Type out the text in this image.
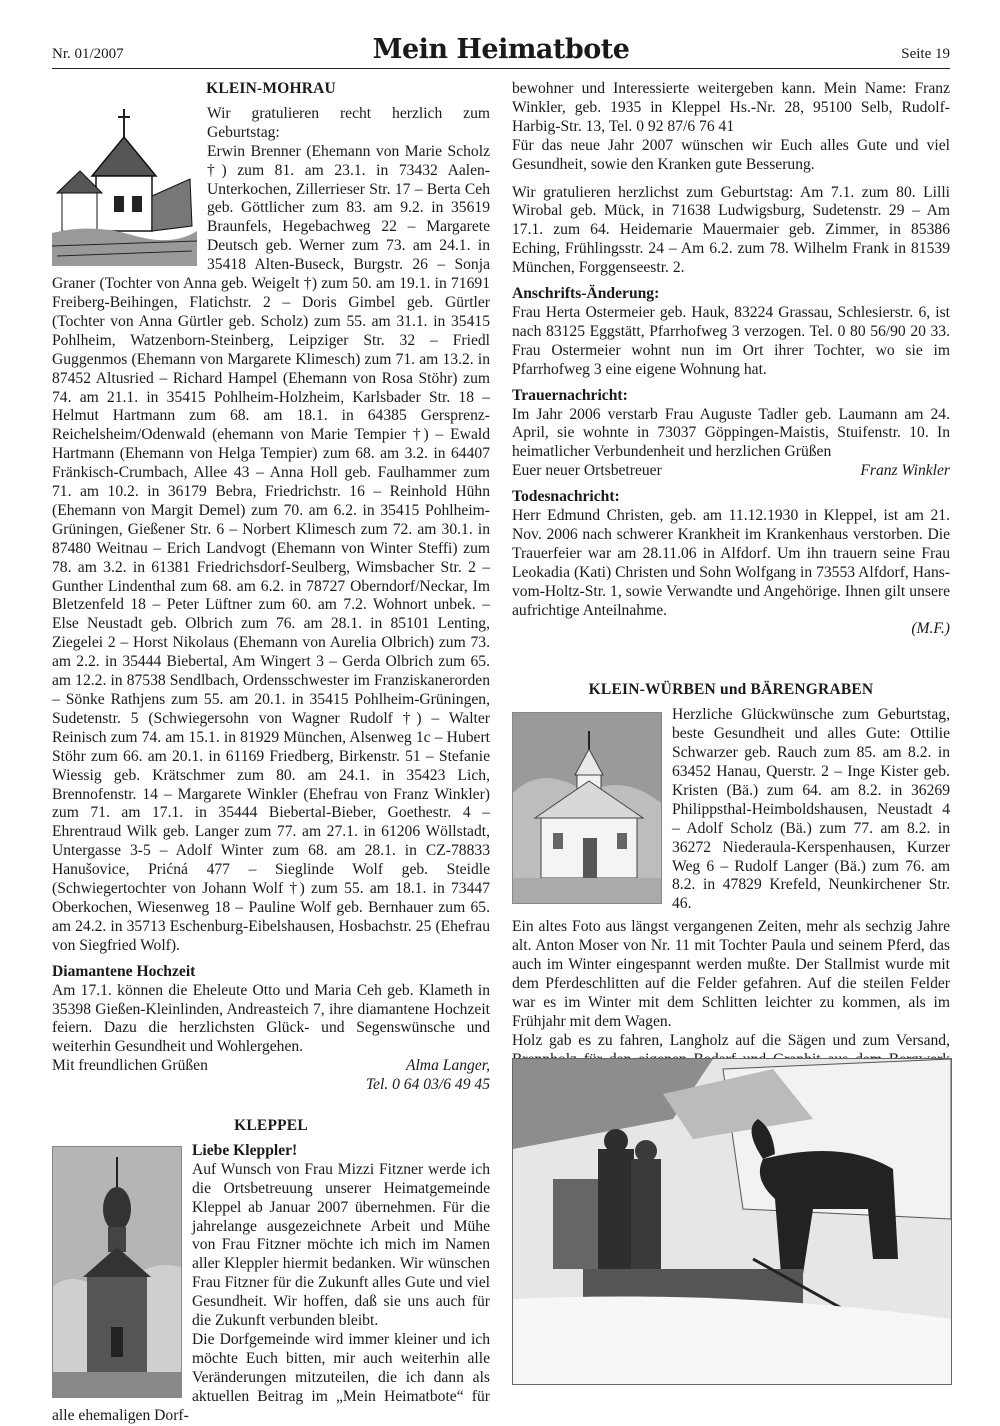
Nr. 01/2007	Mein Heimatbote	Seite 19
KLEIN-MOHRAU

Wir gratulieren recht herzlich zum Geburtstag:

Erwin Brenner (Ehemann von Marie Scholz †) zum 81. am 23.1. in 73432 Aalen-Unterkochen, Zillerrieser Str. 17 – Berta Ceh geb. Göttlicher zum 83. am 9.2. in 35619 Braunfels, Hegebachweg 22 – Margarete Deutsch geb. Werner zum 73. am 24.1. in 35418 Alten-Buseck, Burgstr. 26 – Sonja Graner (Tochter von Anna geb. Weigelt †) zum 50. am 19.1. in 71691 Freiberg-Beihingen, Flatichstr. 2 – Doris Gimbel geb. Gürtler (Tochter von Anna Gürtler geb. Scholz) zum 55. am 31.1. in 35415 Pohlheim, Watzenborn-Steinberg, Leipziger Str. 32 – Friedl Guggenmos (Ehemann von Margarete Klimesch) zum 71. am 13.2. in 87452 Altusried – Richard Hampel (Ehemann von Rosa Stöhr) zum 74. am 21.1. in 35415 Pohlheim-Holzheim, Karlsbader Str. 18 – Helmut Hartmann zum 68. am 18.1. in 64385 Gersprenz-Reichelsheim/Odenwald (ehemann von Marie Tempier †) – Ewald Hartmann (Ehemann von Helga Tempier) zum 68. am 3.2. in 64407 Fränkisch-Crumbach, Allee 43 – Anna Holl geb. Faulhammer zum 71. am 10.2. in 36179 Bebra, Friedrichstr. 16 – Reinhold Hühn (Ehemann von Margit Demel) zum 70. am 6.2. in 35415 Pohlheim-Grüningen, Gießener Str. 6 – Norbert Klimesch zum 72. am 30.1. in 87480 Weitnau – Erich Landvogt (Ehemann von Winter Steffi) zum 78. am 3.2. in 61381 Friedrichsdorf-Seulberg, Wimsbacher Str. 2 – Gunther Lindenthal zum 68. am 6.2. in 78727 Oberndorf/Neckar, Im Bletzenfeld 18 – Peter Lüftner zum 60. am 7.2. Wohnort unbek. – Else Neustadt geb. Olbrich zum 76. am 28.1. in 85101 Lenting, Ziegelei 2 – Horst Nikolaus (Ehemann von Aurelia Olbrich) zum 73. am 2.2. in 35444 Biebertal, Am Wingert 3 – Gerda Olbrich zum 65. am 12.2. in 87538 Sendlbach, Ordensschwester im Franziskanerorden – Sönke Rathjens zum 55. am 20.1. in 35415 Pohlheim-Grüningen, Sudetenstr. 5 (Schwiegersohn von Wagner Rudolf †) – Walter Reinisch zum 74. am 15.1. in 81929 München, Alsenweg 1c – Hubert Stöhr zum 66. am 20.1. in 61169 Friedberg, Birkenstr. 51 – Stefanie Wiessig geb. Krätschmer zum 80. am 24.1. in 35423 Lich, Brennofenstr. 14 – Margarete Winkler (Ehefrau von Franz Winkler) zum 71. am 17.1. in 35444 Biebertal-Bieber, Goethestr. 4 – Ehrentraud Wilk geb. Langer zum 77. am 27.1. in 61206 Wöllstadt, Untergasse 3-5 – Adolf Winter zum 68. am 28.1. in CZ-78833 Hanušovice, Prićná 477 – Sieglinde Wolf geb. Steidle (Schwiegertochter von Johann Wolf †) zum 55. am 18.1. in 73447 Oberkochen, Wiesenweg 18 – Pauline Wolf geb. Bernhauer zum 65. am 24.2. in 35713 Eschenburg-Eibelshausen, Hosbachstr. 25 (Ehefrau von Siegfried Wolf).

Diamantene Hochzeit

Am 17.1. können die Eheleute Otto und Maria Ceh geb. Klameth in 35398 Gießen-Kleinlinden, Andreasteich 7, ihre diamantene Hochzeit feiern. Dazu die herzlichsten Glück- und Segenswünsche und weiterhin Gesundheit und Wohlergehen.

Mit freundlichen Grüßen	Alma Langer,
Tel. 0 64 03/6 49 45
KLEPPEL
Liebe Kleppler!

Auf Wunsch von Frau Mizzi Fitzner werde ich die Ortsbetreuung unserer Heimatgemeinde Kleppel ab Januar 2007 übernehmen. Für die jahrelange ausgezeichnete Arbeit und Mühe von Frau Fitzner möchte ich mich im Namen aller Kleppler hiermit bedanken. Wir wünschen Frau Fitzner für die Zukunft alles Gute und viel Gesundheit. Wir hoffen, daß sie uns auch für die Zukunft verbunden bleibt.

Die Dorfgemeinde wird immer kleiner und ich möchte Euch bitten, mir auch weiterhin alle Veränderungen mitzuteilen, die ich dann als aktuellen Beitrag im „Mein Heimatbote“ für alle ehemaligen Dorf-

bewohner und Interessierte weitergeben kann. Mein Name: Franz Winkler, geb. 1935 in Kleppel Hs.-Nr. 28, 95100 Selb, Rudolf-Harbig-Str. 13, Tel. 0 92 87/6 76 41

Für das neue Jahr 2007 wünschen wir Euch alles Gute und viel Gesundheit, sowie den Kranken gute Besserung.

Wir gratulieren herzlichst zum Geburtstag: Am 7.1. zum 80. Lilli Wirobal geb. Mück, in 71638 Ludwigsburg, Sudetenstr. 29 – Am 17.1. zum 64. Heidemarie Mauermaier geb. Zimmer, in 85386 Eching, Frühlingsstr. 24 – Am 6.2. zum 78. Wilhelm Frank in 81539 München, Forggenseestr. 2.

Anschrifts-Änderung:

Frau Herta Ostermeier geb. Hauk, 83224 Grassau, Schlesierstr. 6, ist nach 83125 Eggstätt, Pfarrhofweg 3 verzogen. Tel. 0 80 56/90 20 33. Frau Ostermeier wohnt nun im Ort ihrer Tochter, wo sie im Pfarrhofweg 3 eine eigene Wohnung hat.

Trauernachricht:

Im Jahr 2006 verstarb Frau Auguste Tadler geb. Laumann am 24. April, sie wohnte in 73037 Göppingen-Maistis, Stuifenstr. 10. In heimatlicher Verbundenheit und herzlichen Grüßen

Euer neuer Ortsbetreuer	Franz Winkler
Todesnachricht:

Herr Edmund Christen, geb. am 11.12.1930 in Kleppel, ist am 21. Nov. 2006 nach schwerer Krankheit im Krankenhaus verstorben. Die Trauerfeier war am 28.11.06 in Alfdorf. Um ihn trauern seine Frau Leokadia (Kati) Christen und Sohn Wolfgang in 73553 Alfdorf, Hans-vom-Holtz-Str. 1, sowie Verwandte und Angehörige. Ihnen gilt unsere aufrichtige Anteilnahme.

(M.F.)
KLEIN-WÜRBEN und BÄRENGRABEN

Herzliche Glückwünsche zum Geburtstag, beste Gesundheit und alles Gute: Ottilie Schwarzer geb. Rauch zum 85. am 8.2. in 63452 Hanau, Querstr. 2 – Inge Kister geb. Kristen (Bä.) zum 64. am 8.2. in 36269 Philippsthal-Heimboldshausen, Neustadt 4 – Adolf Scholz (Bä.) zum 77. am 8.2. in 36272 Niederaula-Kerspenhausen, Kurzer Weg 6 – Rudolf Langer (Bä.) zum 76. am 8.2. in 47829 Krefeld, Neunkirchener Str. 46.

Ein altes Foto aus längst vergangenen Zeiten, mehr als sechzig Jahre alt. Anton Moser von Nr. 11 mit Tochter Paula und seinem Pferd, das auch im Winter eingespannt werden mußte. Der Stallmist wurde mit dem Pferdeschlitten auf die Felder gefahren. Auf die steilen Felder war es im Winter mit dem Schlitten leichter zu kommen, als im Frühjahr mit dem Wagen.

Holz gab es zu fahren, Langholz auf die Sägen und zum Versand,
